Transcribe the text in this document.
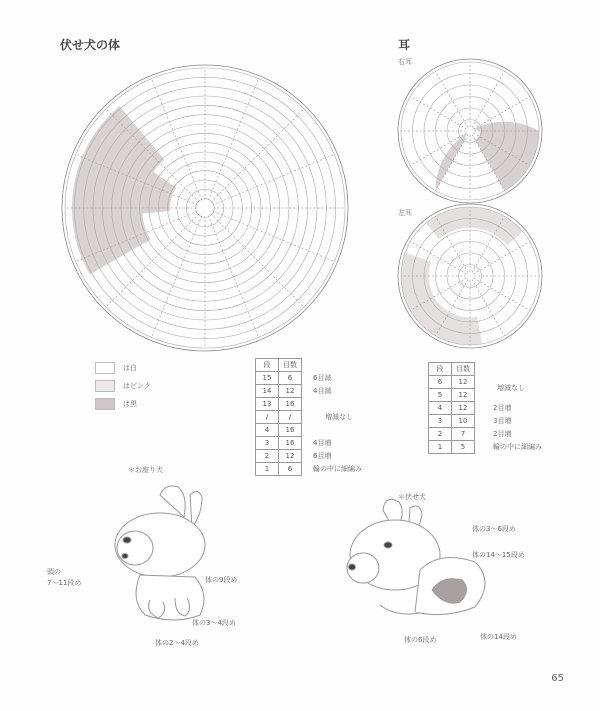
伏せ犬の体	耳
右耳
左耳
は白
はピンク
は黒
段	目数
15	6
14	12
13	16
/	/
4	16
3	16
2	12
1	6
6目減
4目減
増減なし
4目増
6目増
輪の中に細編み
段	目数
6	12
5	12
4	12
3	10
2	7
1	5
増減なし
2目増
3目増
2目増
輪の中に細編み
＊お座り犬
頭の
7～11段め	体の9段め
体の3～4段め
体の2～4段め
＊伏せ犬
体の3～6段め
体の14～15段め
体の6段め	体の14段め
65
